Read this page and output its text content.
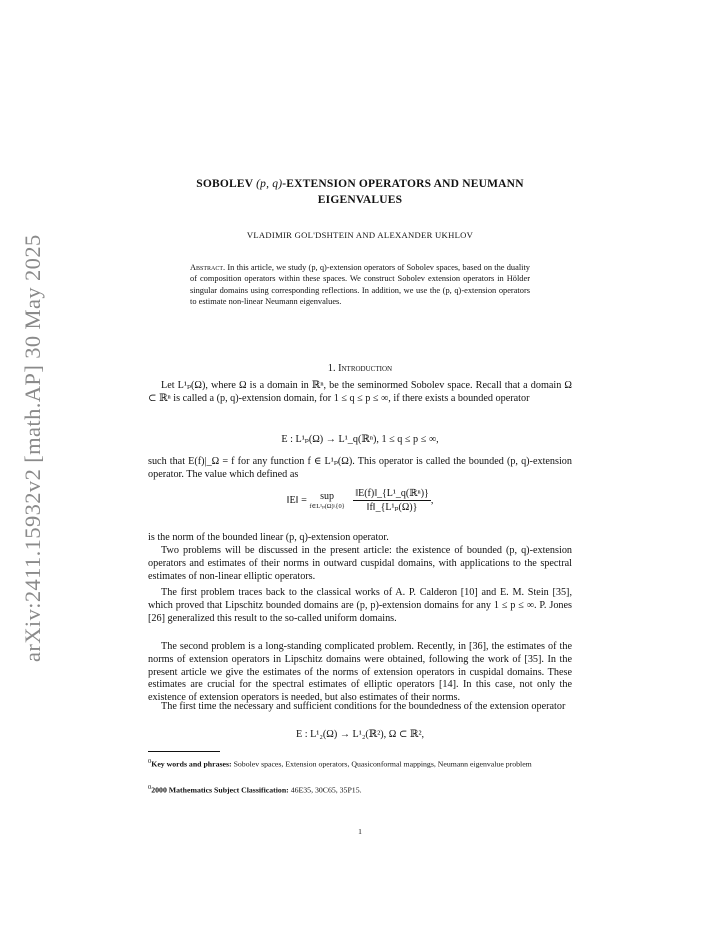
arXiv:2411.15932v2 [math.AP] 30 May 2025
SOBOLEV (p, q)-EXTENSION OPERATORS AND NEUMANN
EIGENVALUES
VLADIMIR GOL'DSHTEIN AND ALEXANDER UKHLOV
Abstract. In this article, we study (p, q)-extension operators of Sobolev spaces, based on the duality of composition operators within these spaces. We construct Sobolev extension operators in Hölder singular domains using corresponding reflections. In addition, we use the (p, q)-extension operators to estimate non-linear Neumann eigenvalues.
1. Introduction
Let L¹ₚ(Ω), where Ω is a domain in ℝⁿ, be the seminormed Sobolev space. Recall that a domain Ω ⊂ ℝⁿ is called a (p, q)-extension domain, for 1 ≤ q ≤ p ≤ ∞, if there exists a bounded operator
E : L¹ₚ(Ω) → L¹_q(ℝⁿ), 1 ≤ q ≤ p ≤ ∞,
such that E(f)|_Ω = f for any function f ∈ L¹ₚ(Ω). This operator is called the bounded (p, q)-extension operator. The value which defined as
‖E‖ =	sup
f∈L¹ₚ(Ω)\{0}
$\frac{\text{‖E(f)‖\_\{L¹\_q(ℝⁿ)\}}}{\text{‖f‖\_\{L¹ₚ(Ω)\}}}$ ,
is the norm of the bounded linear (p, q)-extension operator.
Two problems will be discussed in the present article: the existence of bounded (p, q)-extension operators and estimates of their norms in outward cuspidal domains, with applications to the spectral estimates of non-linear elliptic operators.
The first problem traces back to the classical works of A. P. Calderon [10] and E. M. Stein [35], which proved that Lipschitz bounded domains are (p, p)-extension domains for any 1 ≤ p ≤ ∞. P. Jones [26] generalized this result to the so-called uniform domains.
The second problem is a long-standing complicated problem. Recently, in [36], the estimates of the norms of extension operators in Lipschitz domains were obtained, following the work of [35]. In the present article we give the estimates of the norms of extension operators in cuspidal domains. These estimates are crucial for the spectral estimates of elliptic operators [14]. In this case, not only the existence of extension operators is needed, but also estimates of their norms.
The first time the necessary and sufficient conditions for the boundedness of the extension operator
E : L¹₂(Ω) → L¹₂(ℝ²), Ω ⊂ ℝ²,
$^0$Key words and phrases: Sobolev spaces, Extension operators, Quasiconformal mappings, Neumann eigenvalue problem
$^0$2000 Mathematics Subject Classification: 46E35, 30C65, 35P15.
1
